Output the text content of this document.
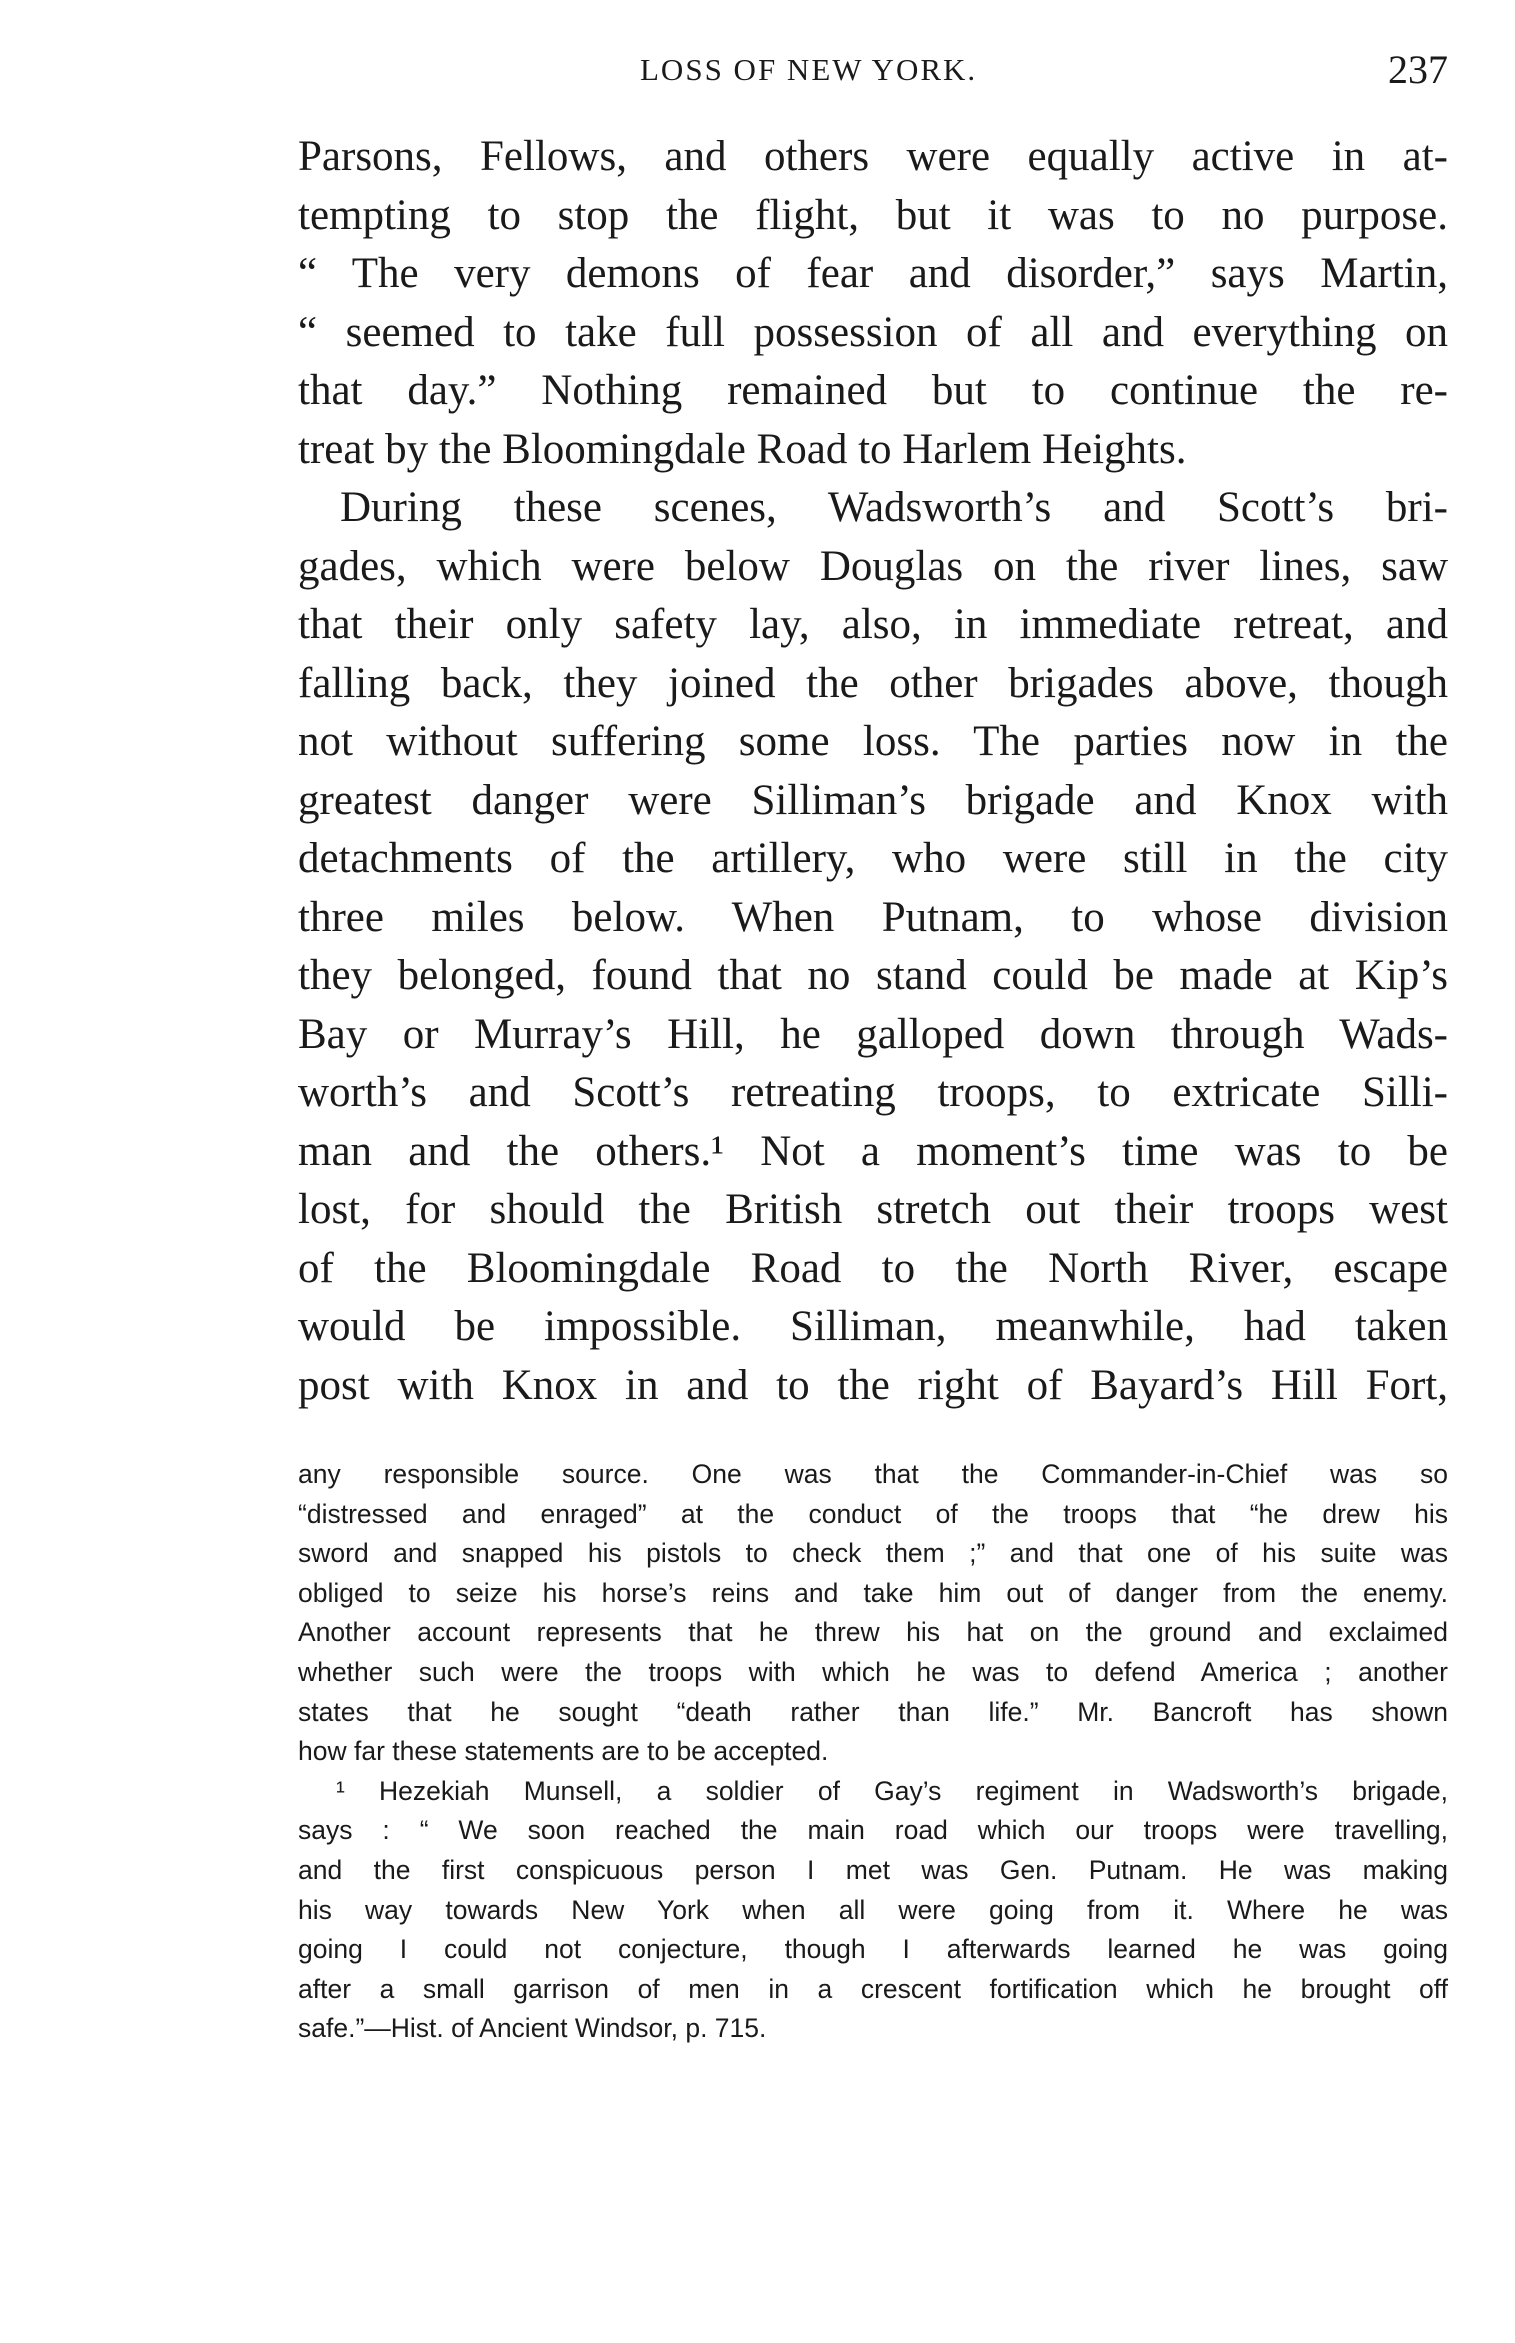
LOSS OF NEW YORK.	237
Parsons, Fellows, and others were equally active in at-
tempting to stop the flight, but it was to no purpose.
“ The very demons of fear and disorder,” says Martin,
“ seemed to take full possession of all and everything on
that day.” Nothing remained but to continue the re-
treat by the Bloomingdale Road to Harlem Heights.
During these scenes, Wadsworth’s and Scott’s bri-
gades, which were below Douglas on the river lines, saw
that their only safety lay, also, in immediate retreat, and
falling back, they joined the other brigades above, though
not without suffering some loss. The parties now in the
greatest danger were Silliman’s brigade and Knox with
detachments of the artillery, who were still in the city
three miles below. When Putnam, to whose division
they belonged, found that no stand could be made at Kip’s
Bay or Murray’s Hill, he galloped down through Wads-
worth’s and Scott’s retreating troops, to extricate Silli-
man and the others.¹ Not a moment’s time was to be
lost, for should the British stretch out their troops west
of the Bloomingdale Road to the North River, escape
would be impossible. Silliman, meanwhile, had taken
post with Knox in and to the right of Bayard’s Hill Fort,
any responsible source. One was that the Commander-in-Chief was so
“distressed and enraged” at the conduct of the troops that “he drew his
sword and snapped his pistols to check them ;” and that one of his suite was
obliged to seize his horse’s reins and take him out of danger from the enemy.
Another account represents that he threw his hat on the ground and exclaimed
whether such were the troops with which he was to defend America ; another
states that he sought “death rather than life.” Mr. Bancroft has shown
how far these statements are to be accepted.
¹ Hezekiah Munsell, a soldier of Gay’s regiment in Wadsworth’s brigade,
says : “ We soon reached the main road which our troops were travelling,
and the first conspicuous person I met was Gen. Putnam. He was making
his way towards New York when all were going from it. Where he was
going I could not conjecture, though I afterwards learned he was going
after a small garrison of men in a crescent fortification which he brought off
safe.”—Hist. of Ancient Windsor, p. 715.
